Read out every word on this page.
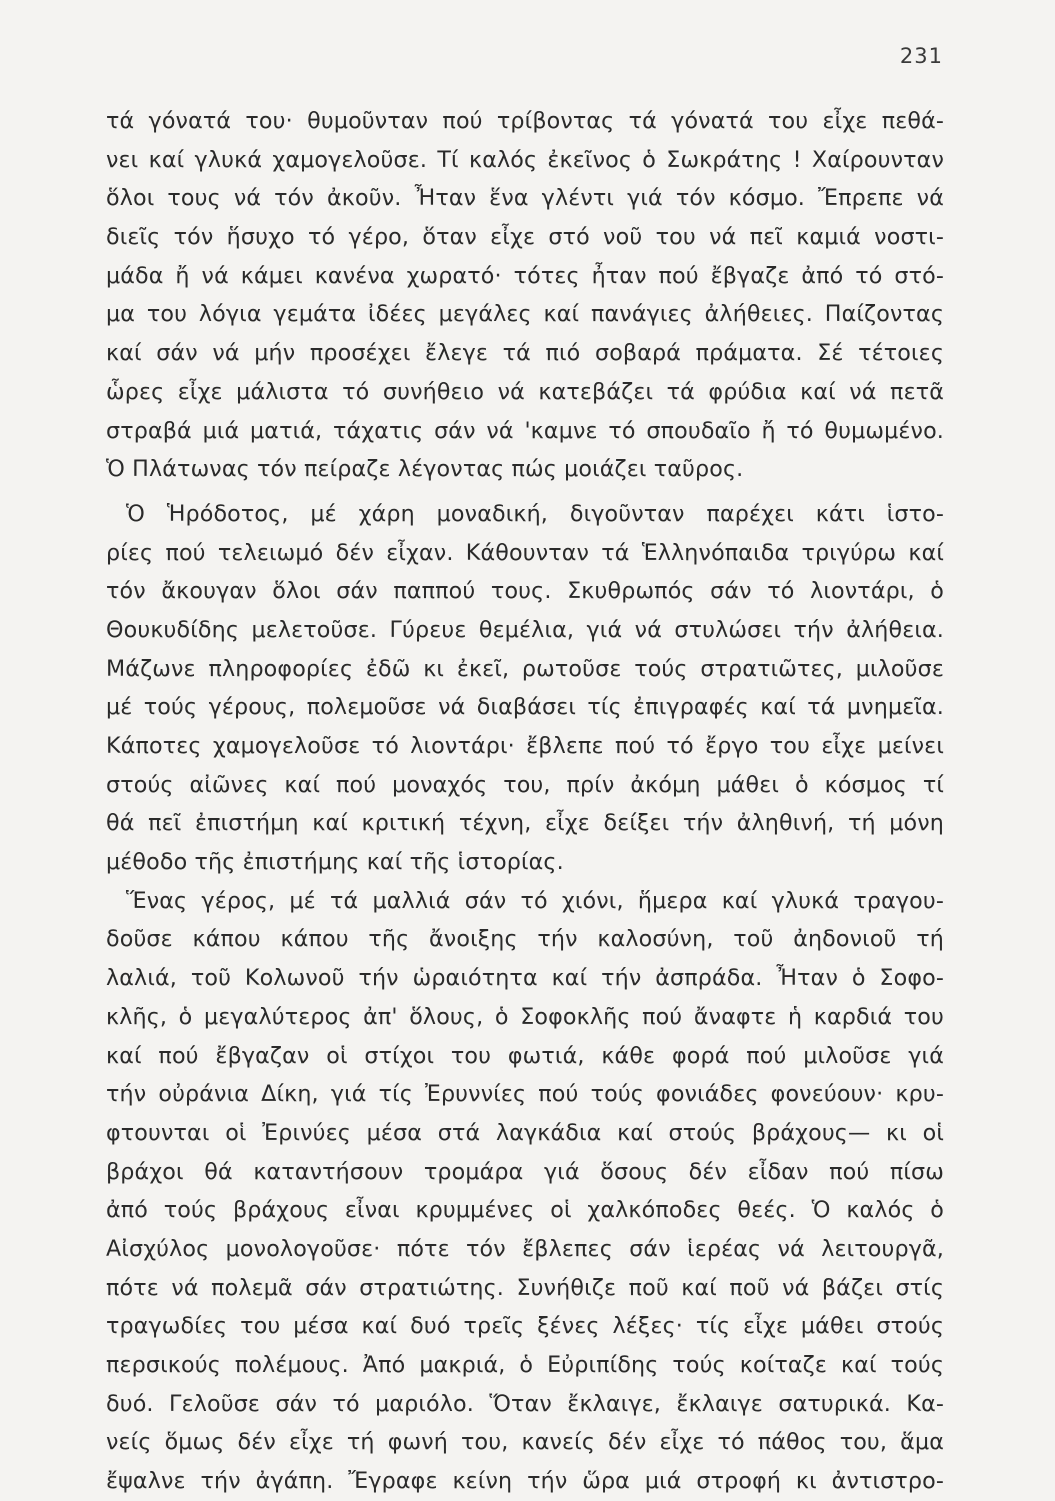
231
τά γόνατά του· θυμοῦνταν πού τρίβοντας τά γόνατά του εἶχε πεθά-
νει καί γλυκά χαμογελοῦσε. Τί καλός ἐκεῖνος ὁ Σωκράτης ! Χαίρουνταν
ὅλοι τους νά τόν ἀκοῦν. Ἦταν ἕνα γλέντι γιά τόν κόσμο. Ἔπρεπε νά
διεῖς τόν ἥσυχο τό γέρο, ὅταν εἶχε στό νοῦ του νά πεῖ καμιά νοστι-
μάδα ἤ νά κάμει κανένα χωρατό· τότες ἦταν πού ἔβγαζε ἀπό τό στό-
μα του λόγια γεμάτα ἰδέες μεγάλες καί πανάγιες ἀλήθειες. Παίζοντας
καί σάν νά μήν προσέχει ἔλεγε τά πιό σοβαρά πράματα. Σέ τέτοιες
ὧρες εἶχε μάλιστα τό συνήθειο νά κατεβάζει τά φρύδια καί νά πετᾶ
στραβά μιά ματιά, τάχατις σάν νά 'καμνε τό σπουδαῖο ἤ τό θυμωμένο.
Ὁ Πλάτωνας τόν πείραζε λέγοντας πώς μοιάζει ταῦρος.
Ὁ Ἡρόδοτος, μέ χάρη μοναδική, διγοῦνταν παρέχει κάτι ἱστο-
ρίες πού τελειωμό δέν εἶχαν. Κάθουνταν τά Ἑλληνόπαιδα τριγύρω καί
τόν ἄκουγαν ὅλοι σάν παππού τους. Σκυθρωπός σάν τό λιοντάρι, ὁ
Θουκυδίδης μελετοῦσε. Γύρευε θεμέλια, γιά νά στυλώσει τήν ἀλήθεια.
Μάζωνε πληροφορίες ἐδῶ κι ἐκεῖ, ρωτοῦσε τούς στρατιῶτες, μιλοῦσε
μέ τούς γέρους, πολεμοῦσε νά διαβάσει τίς ἐπιγραφές καί τά μνημεῖα.
Κάποτες χαμογελοῦσε τό λιοντάρι· ἔβλεπε πού τό ἔργο του εἶχε μείνει
στούς αἰῶνες καί πού μοναχός του, πρίν ἀκόμη μάθει ὁ κόσμος τί
θά πεῖ ἐπιστήμη καί κριτική τέχνη, εἶχε δείξει τήν ἀληθινή, τή μόνη
μέθοδο τῆς ἐπιστήμης καί τῆς ἱστορίας.
Ἕνας γέρος, μέ τά μαλλιά σάν τό χιόνι, ἥμερα καί γλυκά τραγου-
δοῦσε κάπου κάπου τῆς ἄνοιξης τήν καλοσύνη, τοῦ ἀηδονιοῦ τή
λαλιά, τοῦ Κολωνοῦ τήν ὡραιότητα καί τήν ἀσπράδα. Ἦταν ὁ Σοφο-
κλῆς, ὁ μεγαλύτερος ἀπ' ὅλους, ὁ Σοφοκλῆς πού ἄναφτε ἡ καρδιά του
καί πού ἔβγαζαν οἱ στίχοι του φωτιά, κάθε φορά πού μιλοῦσε γιά
τήν οὐράνια Δίκη, γιά τίς Ἐρυννίες πού τούς φονιάδες φονεύουν· κρυ-
φτουνται οἱ Ἐρινύες μέσα στά λαγκάδια καί στούς βράχους— κι οἱ
βράχοι θά καταντήσουν τρομάρα γιά ὅσους δέν εἶδαν πού πίσω
ἀπό τούς βράχους εἶναι κρυμμένες οἱ χαλκόποδες θεές. Ὁ καλός ὁ
Αἰσχύλος μονολογοῦσε· πότε τόν ἔβλεπες σάν ἱερέας νά λειτουργᾶ,
πότε νά πολεμᾶ σάν στρατιώτης. Συνήθιζε ποῦ καί ποῦ νά βάζει στίς
τραγωδίες του μέσα καί δυό τρεῖς ξένες λέξες· τίς εἶχε μάθει στούς
περσικούς πολέμους. Ἀπό μακριά, ὁ Εὐριπίδης τούς κοίταζε καί τούς
δυό. Γελοῦσε σάν τό μαριόλο. Ὅταν ἔκλαιγε, ἔκλαιγε σατυρικά. Κα-
νείς ὅμως δέν εἶχε τή φωνή του, κανείς δέν εἶχε τό πάθος του, ἅμα
ἔψαλνε τήν ἀγάπη. Ἔγραφε κείνη τήν ὥρα μιά στροφή κι ἀντιστρο-
